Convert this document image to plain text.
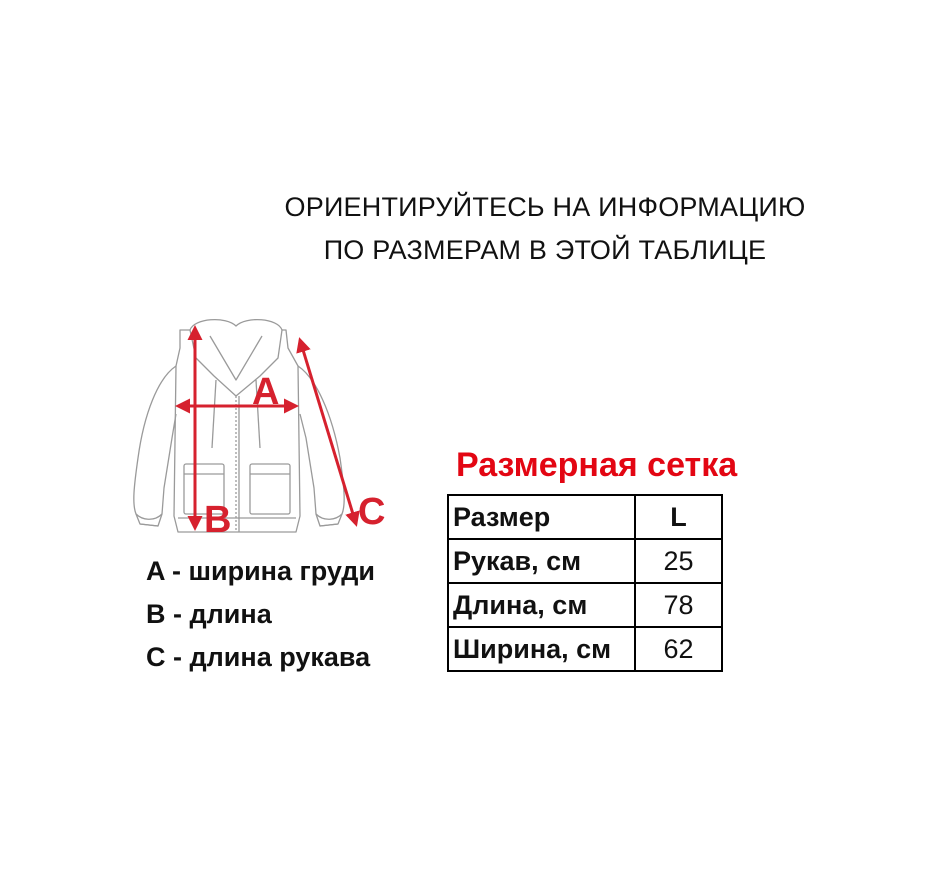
ОРИЕНТИРУЙТЕСЬ НА ИНФОРМАЦИЮ
ПО РАЗМЕРАМ В ЭТОЙ ТАБЛИЦЕ
A
B	C
A - ширина груди
B - длина
C - длина рукава
Размерная сетка
Размер	L
Рукав, см	25
Длина, см	78
Ширина, см	62
